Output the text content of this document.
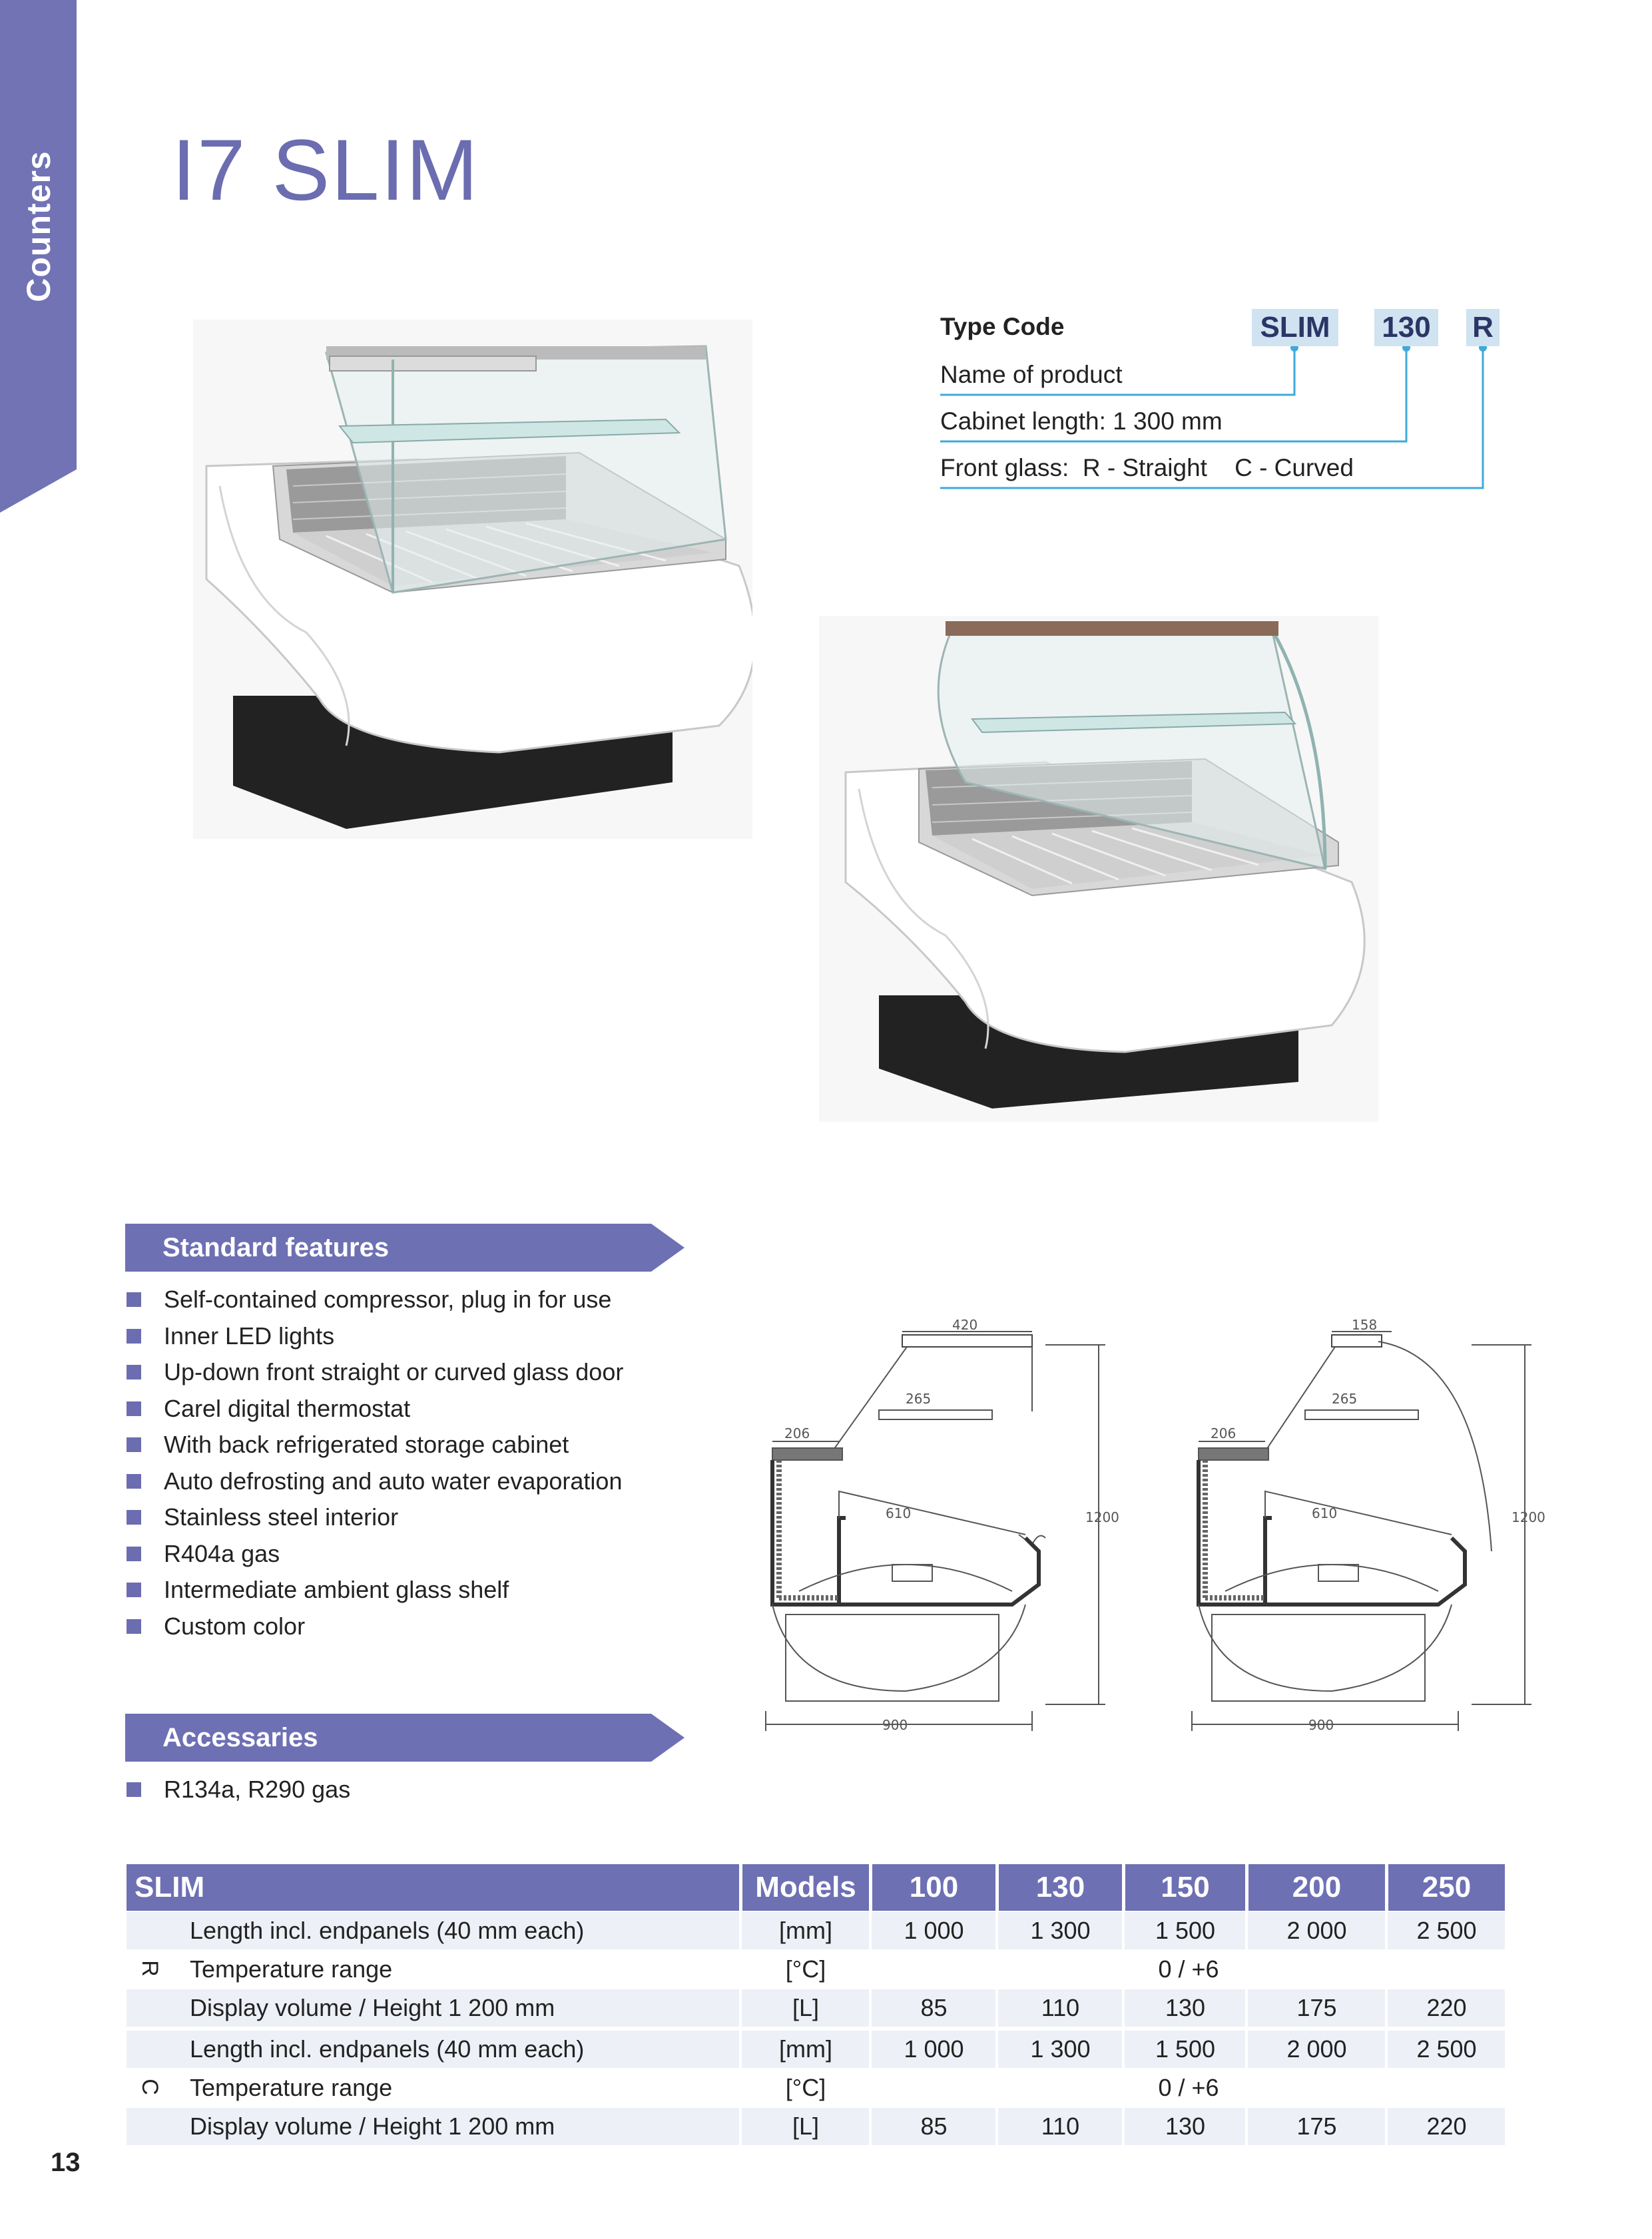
Counters I7 SLIM
Type Code	SLIM 130 R
Name of product
Cabinet length: 1 300 mm
Front glass:  R - Straight    C - Curved
Standard features
Self-contained compressor, plug in for use
Inner LED lights
Up-down front straight or curved glass door
Carel digital thermostat
With back refrigerated storage cabinet
Auto defrosting and auto water evaporation
Stainless steel interior
R404a gas
Intermediate ambient glass shelf
Custom color
Accessaries
R134a, R290 gas
420
265
206
610	1200
900
158
265
206
610	1200
900
SLIM	Models	100	130	150	200	250
Length incl. endpanels (40 mm each)	[mm]	1 000	1 300	1 500	2 000	2 500
Temperature range	[°C]	0 / +6
Display volume / Height 1 200 mm	[L]	85	110	130	175	220
R
Length incl. endpanels (40 mm each)	[mm]	1 000	1 300	1 500	2 000	2 500
Temperature range	[°C]	0 / +6
Display volume / Height 1 200 mm	[L]	85	110	130	175	220
C
13
